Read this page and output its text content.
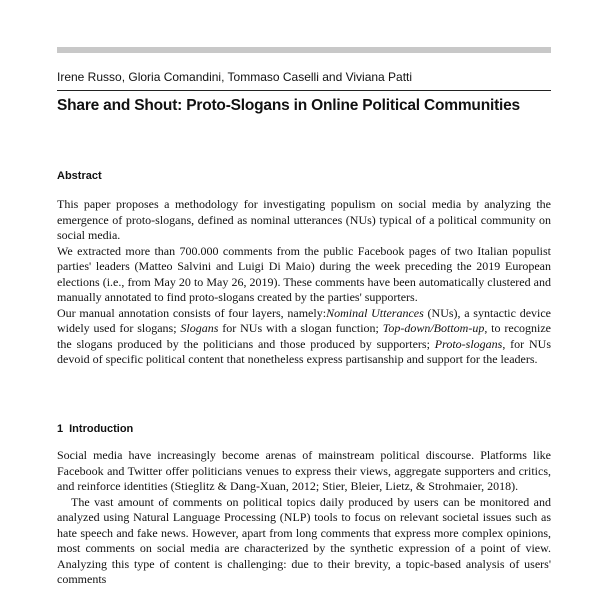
Irene Russo, Gloria Comandini, Tommaso Caselli and Viviana Patti
Share and Shout: Proto-Slogans in Online Political Communities
Abstract

This paper proposes a methodology for investigating populism on social media by analyzing the emergence of proto-slogans, defined as nominal utterances (NUs) typical of a political community on social media.

We extracted more than 700.000 comments from the public Facebook pages of two Italian populist parties' leaders (Matteo Salvini and Luigi Di Maio) during the week preceding the 2019 European elections (i.e., from May 20 to May 26, 2019). These comments have been automatically clustered and manually annotated to find proto-slogans created by the parties' supporters.

Our manual annotation consists of four layers, namely:Nominal Utterances (NUs), a syntactic device widely used for slogans; Slogans for NUs with a slogan function; Top-down/Bottom-up, to recognize the slogans produced by the politicians and those produced by supporters; Proto-slogans, for NUs devoid of specific political content that nonetheless express partisanship and support for the leaders.

1 Introduction

Social media have increasingly become arenas of mainstream political discourse. Platforms like Facebook and Twitter offer politicians venues to express their views, aggregate supporters and critics, and reinforce identities (Stieglitz & Dang-Xuan, 2012; Stier, Bleier, Lietz, & Strohmaier, 2018).

The vast amount of comments on political topics daily produced by users can be monitored and analyzed using Natural Language Processing (NLP) tools to focus on relevant societal issues such as hate speech and fake news. However, apart from long comments that express more complex opinions, most comments on social media are characterized by the synthetic expression of a point of view. Analyzing this type of content is challenging: due to their brevity, a topic-based analysis of users' comments
